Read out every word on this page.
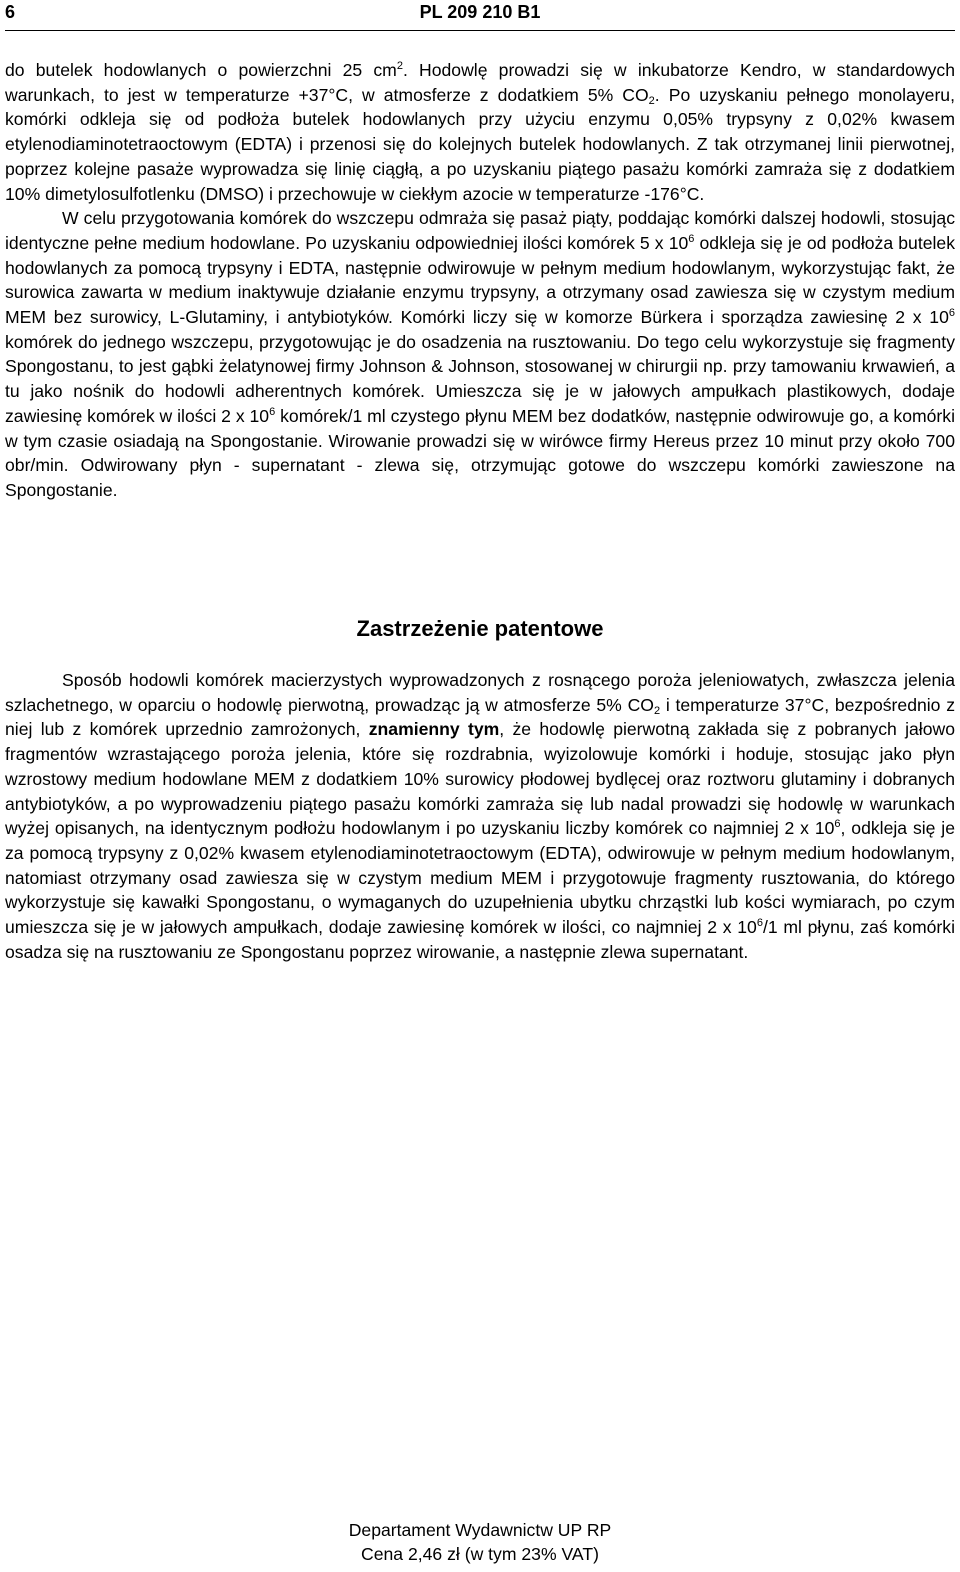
6	PL 209 210 B1

do butelek hodowlanych o powierzchni 25 $cm^2$. Hodowlę prowadzi się w inkubatorze Kendro, w standardowych warunkach, to jest w temperaturze +37°C, w atmosferze z dodatkiem 5% $CO_2$. Po uzyskaniu pełnego monolayeru, komórki odkleja się od podłoża butelek hodowlanych przy użyciu enzymu 0,05% trypsyny z 0,02% kwasem etylenodiaminotetraoctowym (EDTA) i przenosi się do kolejnych butelek hodowlanych. Z tak otrzymanej linii pierwotnej, poprzez kolejne pasaże wyprowadza się linię ciągłą, a po uzyskaniu piątego pasażu komórki zamraża się z dodatkiem 10% dimetylosulfotlenku (DMSO) i przechowuje w ciekłym azocie w temperaturze -176°C.

W celu przygotowania komórek do wszczepu odmraża się pasaż piąty, poddając komórki dalszej hodowli, stosując identyczne pełne medium hodowlane. Po uzyskaniu odpowiedniej ilości komórek 5 x $10^6$ odkleja się je od podłoża butelek hodowlanych za pomocą trypsyny i EDTA, następnie odwirowuje w pełnym medium hodowlanym, wykorzystując fakt, że surowica zawarta w medium inaktywuje działanie enzymu trypsyny, a otrzymany osad zawiesza się w czystym medium MEM bez surowicy, L-Glutaminy, i antybiotyków. Komórki liczy się w komorze Bürkera i sporządza zawiesinę 2 x $10^6$ komórek do jednego wszczepu, przygotowując je do osadzenia na rusztowaniu. Do tego celu wykorzystuje się fragmenty Spongostanu, to jest gąbki żelatynowej firmy Johnson & Johnson, stosowanej w chirurgii np. przy tamowaniu krwawień, a tu jako nośnik do hodowli adherentnych komórek. Umieszcza się je w jałowych ampułkach plastikowych, dodaje zawiesinę komórek w ilości 2 x $10^6$ komórek/1 ml czystego płynu MEM bez dodatków, następnie odwirowuje go, a komórki w tym czasie osiadają na Spongostanie. Wirowanie prowadzi się w wirówce firmy Hereus przez 10 minut przy około 700 obr/min. Odwirowany płyn - supernatant - zlewa się, otrzymując gotowe do wszczepu komórki zawieszone na Spongostanie.

Zastrzeżenie patentowe

Sposób hodowli komórek macierzystych wyprowadzonych z rosnącego poroża jeleniowatych, zwłaszcza jelenia szlachetnego, w oparciu o hodowlę pierwotną, prowadząc ją w atmosferze 5% $CO_2$ i temperaturze 37°C, bezpośrednio z niej lub z komórek uprzednio zamrożonych, znamienny tym, że hodowlę pierwotną zakłada się z pobranych jałowo fragmentów wzrastającego poroża jelenia, które się rozdrabnia, wyizolowuje komórki i hoduje, stosując jako płyn wzrostowy medium hodowlane MEM z dodatkiem 10% surowicy płodowej bydlęcej oraz roztworu glutaminy i dobranych antybiotyków, a po wyprowadzeniu piątego pasażu komórki zamraża się lub nadal prowadzi się hodowlę w warunkach wyżej opisanych, na identycznym podłożu hodowlanym i po uzyskaniu liczby komórek co najmniej 2 x $10^6$, odkleja się je za pomocą trypsyny z 0,02% kwasem etylenodiaminotetraoctowym (EDTA), odwirowuje w pełnym medium hodowlanym, natomiast otrzymany osad zawiesza się w czystym medium MEM i przygotowuje fragmenty rusztowania, do którego wykorzystuje się kawałki Spongostanu, o wymaganych do uzupełnienia ubytku chrząstki lub kości wymiarach, po czym umieszcza się je w jałowych ampułkach, dodaje zawiesinę komórek w ilości, co najmniej 2 x $10^6/1$ ml płynu, zaś komórki osadza się na rusztowaniu ze Spongostanu poprzez wirowanie, a następnie zlewa supernatant.

Departament Wydawnictw UP RP
Cena 2,46 zł (w tym 23% VAT)
